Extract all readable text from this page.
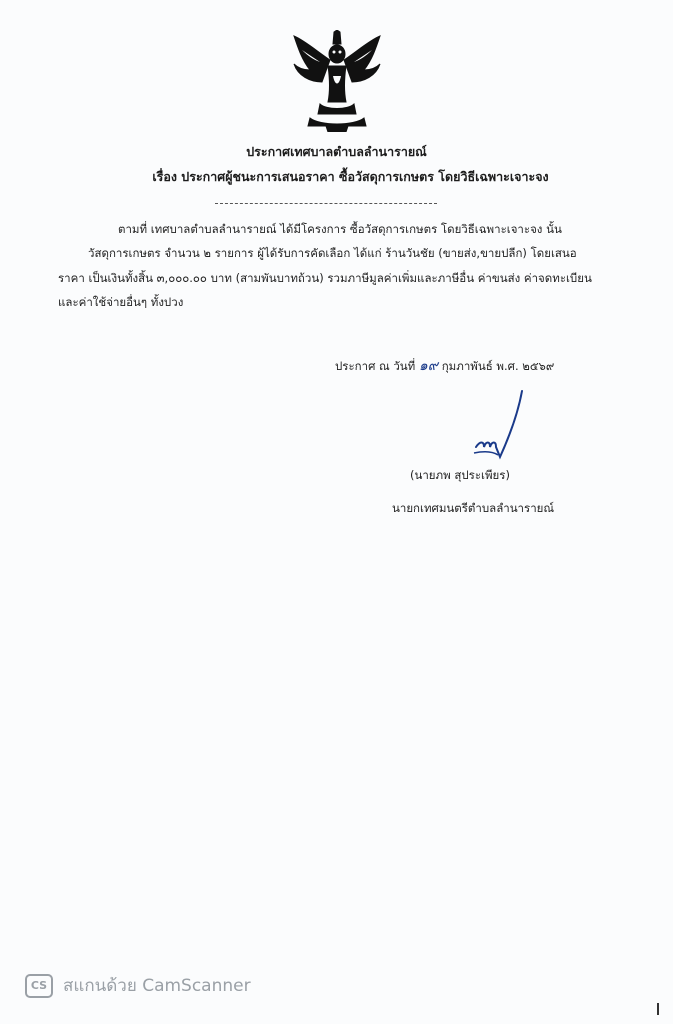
ประกาศเทศบาลตำบลลำนารายณ์
เรื่อง ประกาศผู้ชนะการเสนอราคา ซื้อวัสดุการเกษตร โดยวิธีเฉพาะเจาะจง
ตามที่ เทศบาลตำบลลำนารายณ์ ได้มีโครงการ ซื้อวัสดุการเกษตร โดยวิธีเฉพาะเจาะจง นั้น
วัสดุการเกษตร จำนวน ๒ รายการ ผู้ได้รับการคัดเลือก ได้แก่ ร้านวันชัย (ขายส่ง,ขายปลีก) โดยเสนอ
ราคา เป็นเงินทั้งสิ้น ๓,๐๐๐.๐๐ บาท (สามพันบาทถ้วน) รวมภาษีมูลค่าเพิ่มและภาษีอื่น ค่าขนส่ง ค่าจดทะเบียน
และค่าใช้จ่ายอื่นๆ ทั้งปวง
ประกาศ ณ วันที่ ๑๙ กุมภาพันธ์ พ.ศ. ๒๕๖๙
(นายภพ สุประเพียร)
นายกเทศมนตรีตำบลลำนารายณ์
CS สแกนด้วย CamScanner
